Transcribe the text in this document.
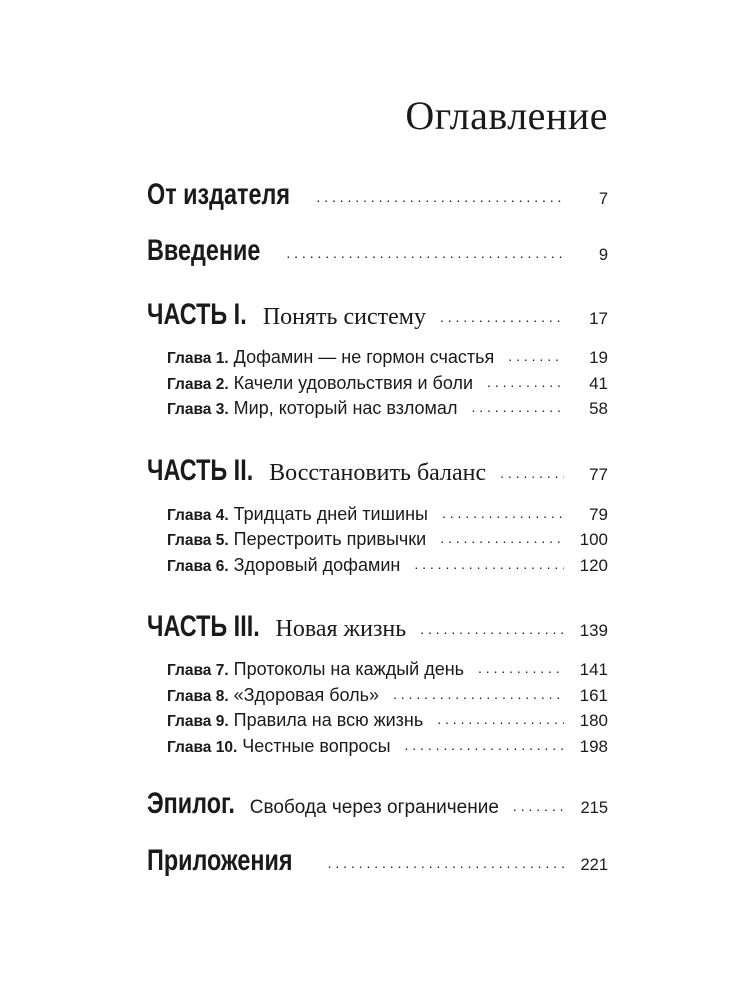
Оглавление
От издателя . . .	7
Введение . . .	9
ЧАСТЬ I. Понять систему . . .	17
Глава 1. Дофамин — не гормон счастья . . .	19
Глава 2. Качели удовольствия и боли . . .	41
Глава 3. Мир, который нас взломал . . .	58
ЧАСТЬ II. Восстановить баланс . . .	77
Глава 4. Тридцать дней тишины . . .	79
Глава 5. Перестроить привычки . . .	100
Глава 6. Здоровый дофамин . . .	120
ЧАСТЬ III. Новая жизнь . . .	139
Глава 7. Протоколы на каждый день . . .	141
Глава 8. «Здоровая боль» . . .	161
Глава 9. Правила на всю жизнь . . .	180
Глава 10. Честные вопросы . . .	198
Эпилог. Свобода через ограничение . . .	215
Приложения . . .	221
